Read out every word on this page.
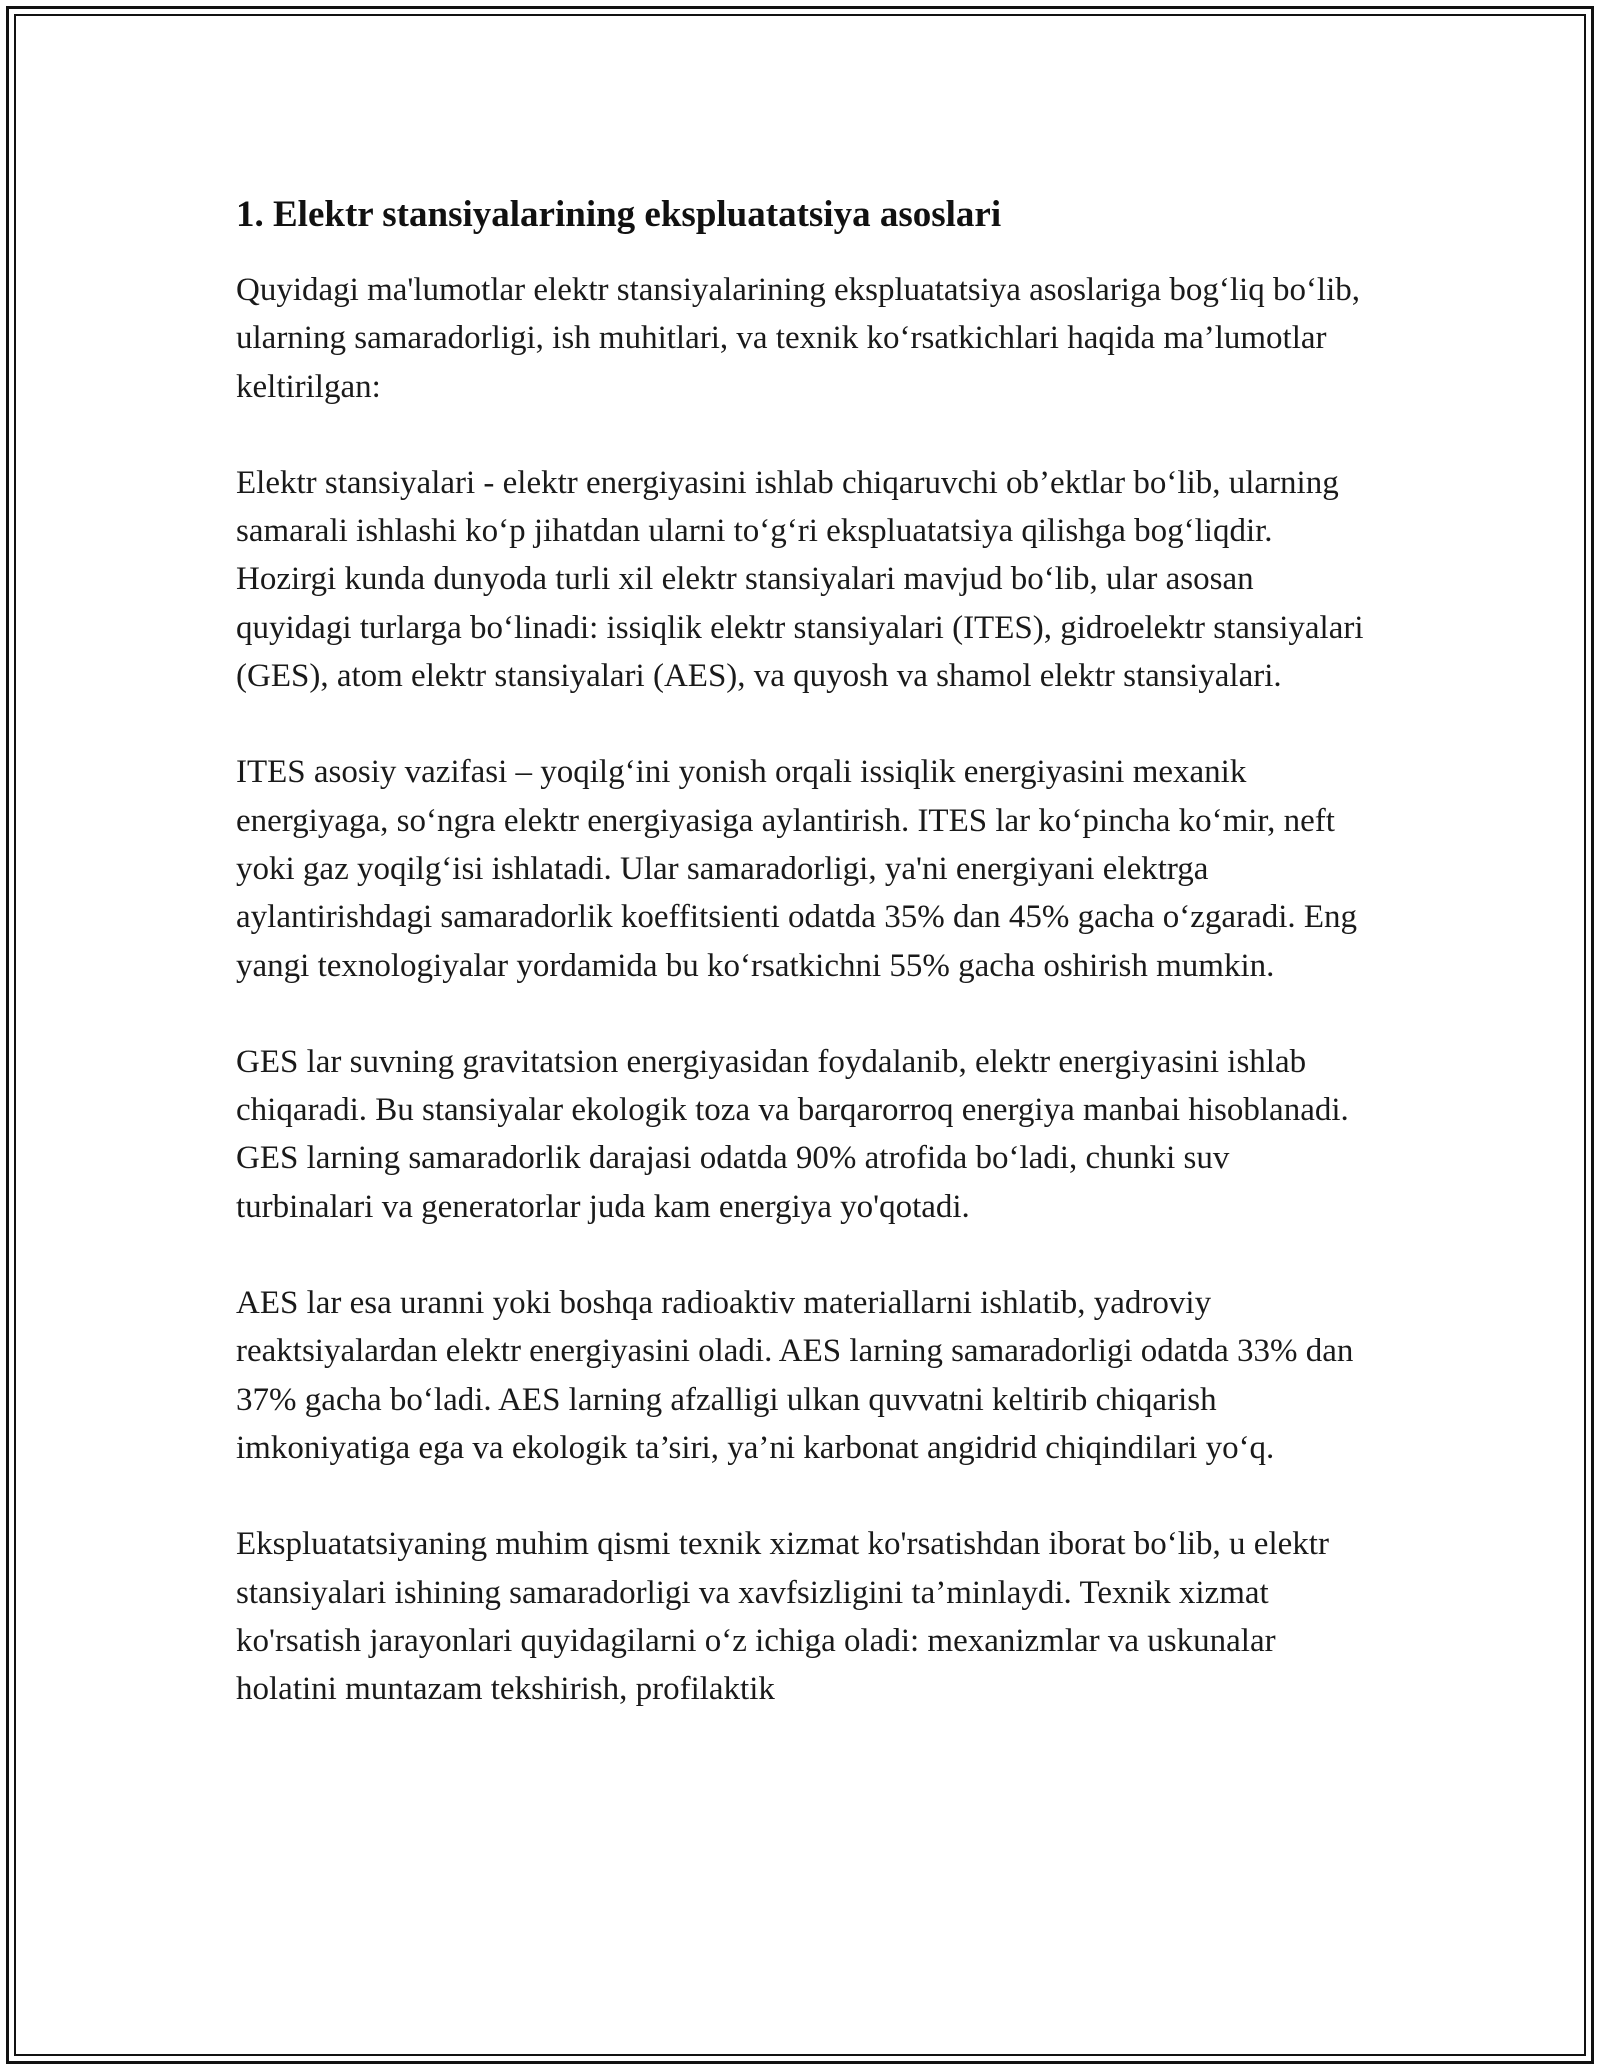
1. Elektr stansiyalarining ekspluatatsiya asoslari

Quyidagi ma'lumotlar elektr stansiyalarining ekspluatatsiya asoslariga bog‘liq bo‘lib, ularning samaradorligi, ish muhitlari, va texnik ko‘rsatkichlari haqida ma’lumotlar keltirilgan:

Elektr stansiyalari - elektr energiyasini ishlab chiqaruvchi ob’ektlar bo‘lib, ularning samarali ishlashi ko‘p jihatdan ularni to‘g‘ri ekspluatatsiya qilishga bog‘liqdir. Hozirgi kunda dunyoda turli xil elektr stansiyalari mavjud bo‘lib, ular asosan quyidagi turlarga bo‘linadi: issiqlik elektr stansiyalari (ITES), gidroelektr stansiyalari (GES), atom elektr stansiyalari (AES), va quyosh va shamol elektr stansiyalari.

ITES asosiy vazifasi – yoqilg‘ini yonish orqali issiqlik energiyasini mexanik energiyaga, so‘ngra elektr energiyasiga aylantirish. ITES lar ko‘pincha ko‘mir, neft yoki gaz yoqilg‘isi ishlatadi. Ular samaradorligi, ya'ni energiyani elektrga aylantirishdagi samaradorlik koeffitsienti odatda 35% dan 45% gacha o‘zgaradi. Eng yangi texnologiyalar yordamida bu ko‘rsatkichni 55% gacha oshirish mumkin.

GES lar suvning gravitatsion energiyasidan foydalanib, elektr energiyasini ishlab chiqaradi. Bu stansiyalar ekologik toza va barqarorroq energiya manbai hisoblanadi. GES larning samaradorlik darajasi odatda 90% atrofida bo‘ladi, chunki suv turbinalari va generatorlar juda kam energiya yo'qotadi.

AES lar esa uranni yoki boshqa radioaktiv materiallarni ishlatib, yadroviy reaktsiyalardan elektr energiyasini oladi. AES larning samaradorligi odatda 33% dan 37% gacha bo‘ladi. AES larning afzalligi ulkan quvvatni keltirib chiqarish imkoniyatiga ega va ekologik ta’siri, ya’ni karbonat angidrid chiqindilari yo‘q.

Ekspluatatsiyaning muhim qismi texnik xizmat ko'rsatishdan iborat bo‘lib, u elektr stansiyalari ishining samaradorligi va xavfsizligini ta’minlaydi. Texnik xizmat ko'rsatish jarayonlari quyidagilarni o‘z ichiga oladi: mexanizmlar va uskunalar holatini muntazam tekshirish, profilaktik
